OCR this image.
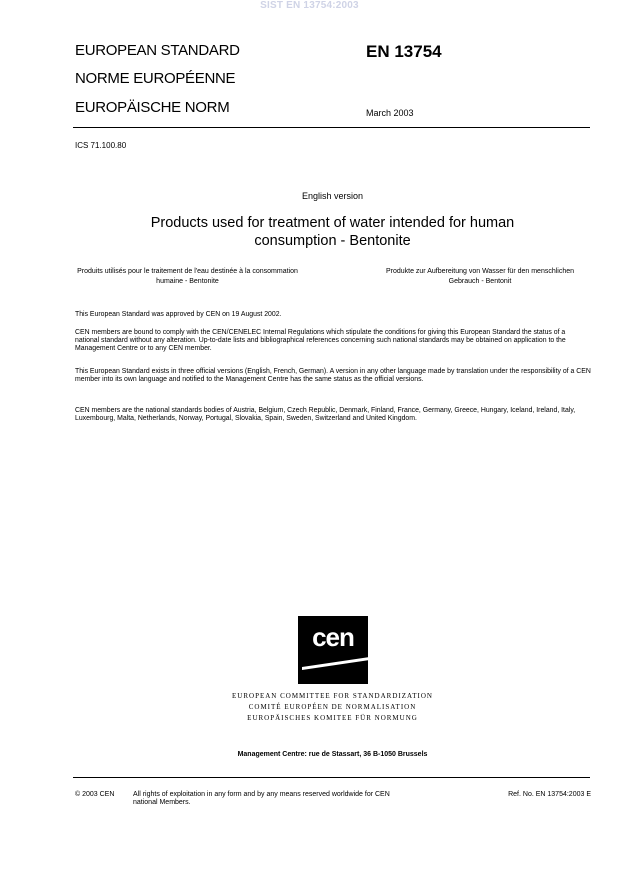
SIST EN 13754:2003
EUROPEAN STANDARD
NORME EUROPÉENNE
EUROPÄISCHE NORM
EN 13754
March 2003
ICS 71.100.80
English version
Products used for treatment of water intended for human consumption - Bentonite
Produits utilisés pour le traitement de l'eau destinée à la consommation humaine - Bentonite
Produkte zur Aufbereitung von Wasser für den menschlichen Gebrauch - Bentonit
This European Standard was approved by CEN on 19 August 2002.
CEN members are bound to comply with the CEN/CENELEC Internal Regulations which stipulate the conditions for giving this European Standard the status of a national standard without any alteration. Up-to-date lists and bibliographical references concerning such national standards may be obtained on application to the Management Centre or to any CEN member.
This European Standard exists in three official versions (English, French, German). A version in any other language made by translation under the responsibility of a CEN member into its own language and notified to the Management Centre has the same status as the official versions.
CEN members are the national standards bodies of Austria, Belgium, Czech Republic, Denmark, Finland, France, Germany, Greece, Hungary, Iceland, Ireland, Italy, Luxembourg, Malta, Netherlands, Norway, Portugal, Slovakia, Spain, Sweden, Switzerland and United Kingdom.
cen
EUROPEAN COMMITTEE FOR STANDARDIZATION
COMITÉ EUROPÉEN DE NORMALISATION
EUROPÄISCHES KOMITEE FÜR NORMUNG
Management Centre: rue de Stassart, 36 B-1050 Brussels
© 2003 CEN	All rights of exploitation in any form and by any means reserved worldwide for CEN national Members.
Ref. No. EN 13754:2003 E
